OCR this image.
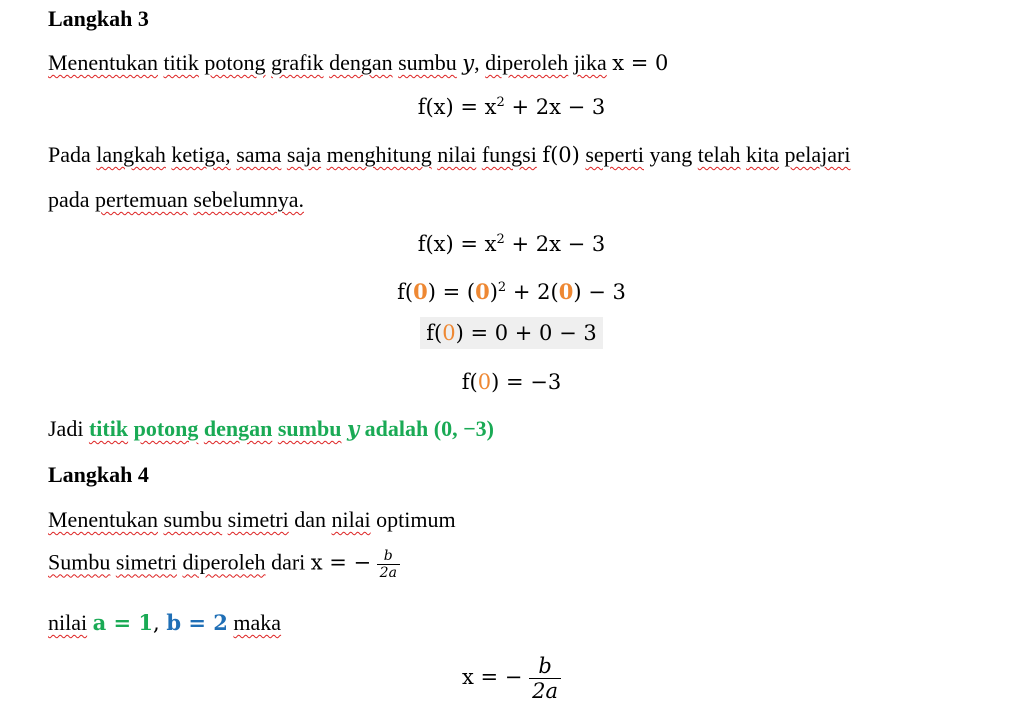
Langkah 3
Menentukan titik potong grafik dengan sumbu y, diperoleh jika x = 0
$f(x) = x^2 + 2x - 3$
Pada langkah ketiga, sama saja menghitung nilai fungsi f(0) seperti yang telah kita pelajari
pada pertemuan sebelumnya.
$f(x) = x^2 + 2x - 3$
$f(0) = (0)^2 + 2(0) - 3$
f(0) = 0 + 0 − 3
f(0) = −3
Jadi titik potong dengan sumbu y adalah (0, −3)
Langkah 4
Menentukan sumbu simetri dan nilai optimum
Sumbu simetri diperoleh dari x = − $\frac{b}{2a}$
nilai a = 1, b = 2 maka
x = − $\frac{b}{2a}$
